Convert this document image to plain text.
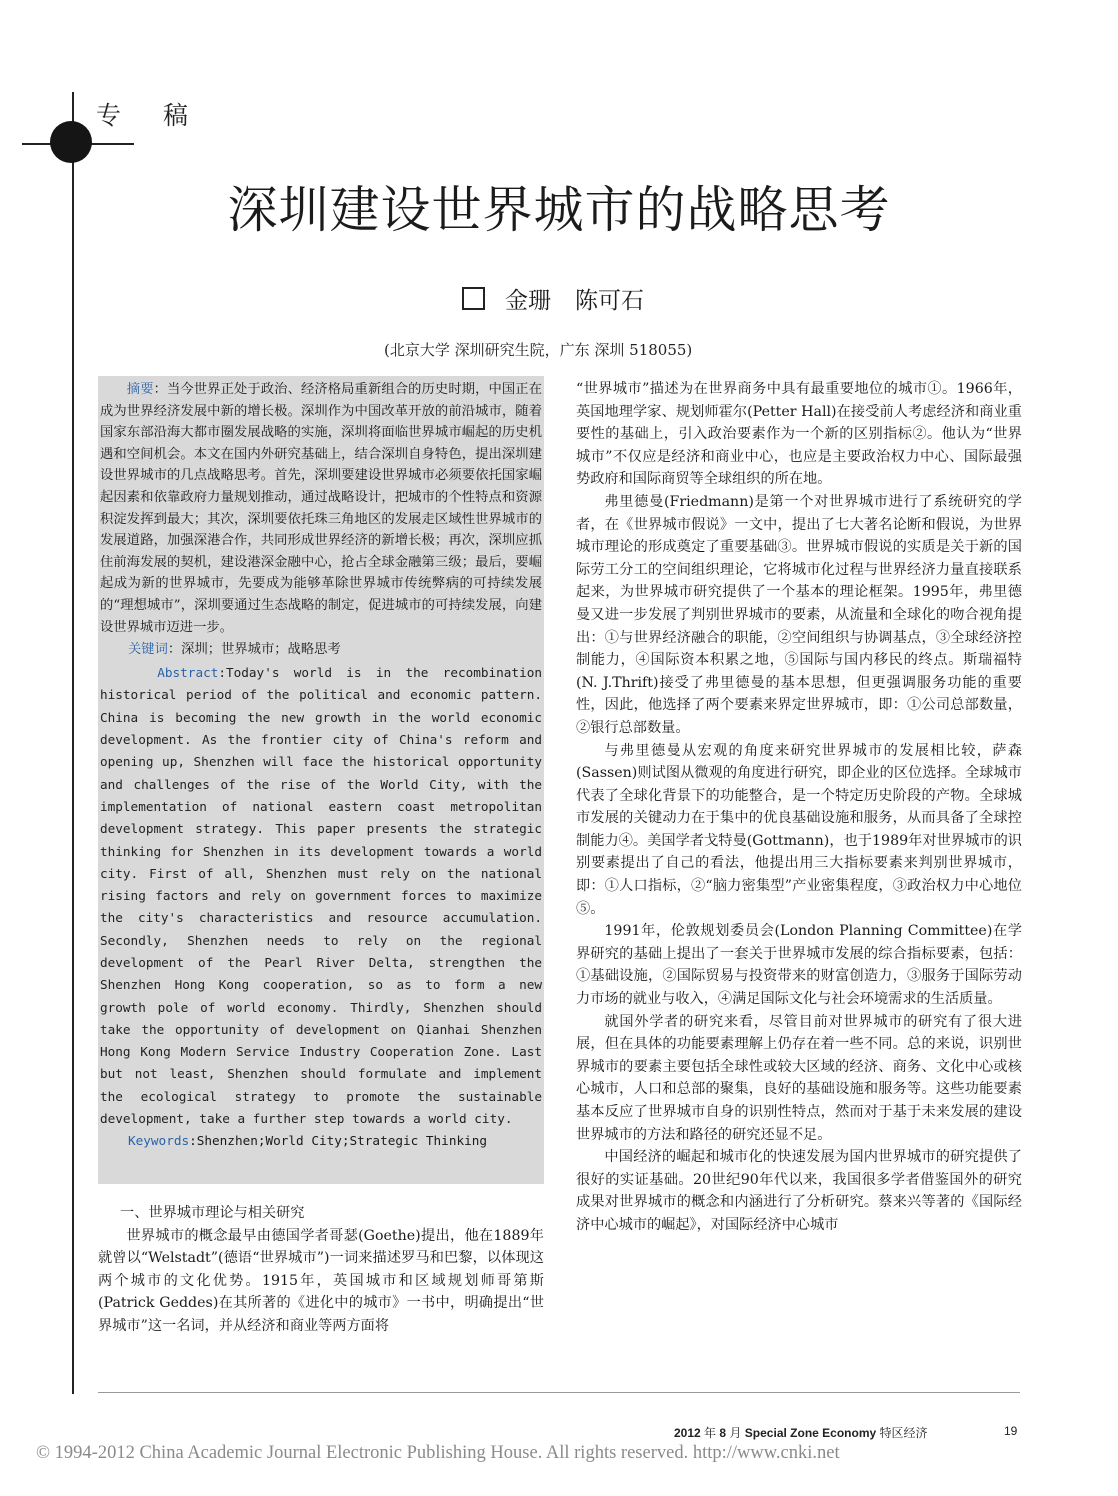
专稿
深圳建设世界城市的战略思考
金珊 陈可石
(北京大学 深圳研究生院，广东 深圳 518055)

　　摘要：当今世界正处于政治、经济格局重新组合的历史时期，中国正在成为世界经济发展中新的增长极。深圳作为中国改革开放的前沿城市，随着国家东部沿海大都市圈发展战略的实施，深圳将面临世界城市崛起的历史机遇和空间机会。本文在国内外研究基础上，结合深圳自身特色，提出深圳建设世界城市的几点战略思考。首先，深圳要建设世界城市必须要依托国家崛起因素和依靠政府力量规划推动，通过战略设计，把城市的个性特点和资源积淀发挥到最大；其次，深圳要依托珠三角地区的发展走区域性世界城市的发展道路，加强深港合作，共同形成世界经济的新增长极；再次，深圳应抓住前海发展的契机，建设港深金融中心，抢占全球金融第三级；最后，要崛起成为新的世界城市，先要成为能够革除世界城市传统弊病的可持续发展的“理想城市”，深圳要通过生态战略的制定，促进城市的可持续发展，向建设世界城市迈进一步。

关键词：深圳；世界城市；战略思考

Abstract:Today's world is in the recombination historical period of the political and economic pattern. China is becoming the new growth in the world economic development. As the frontier city of China's reform and opening up, Shenzhen will face the historical opportunity and challenges of the rise of the World City, with the implementation of national eastern coast metropolitan development strategy. This paper presents the strategic thinking for Shenzhen in its development towards a world city. First of all, Shenzhen must rely on the national rising factors and rely on government forces to maximize the city's characteristics and resource accumulation. Secondly, Shenzhen needs to rely on the regional development of the Pearl River Delta, strengthen the Shenzhen Hong Kong cooperation, so as to form a new growth pole of world economy. Thirdly, Shenzhen should take the opportunity of development on Qianhai Shenzhen Hong Kong Modern Service Industry Cooperation Zone. Last but not least, Shenzhen should formulate and implement the ecological strategy to promote the sustainable development, take a further step towards a world city.

Keywords:Shenzhen;World City;Strategic Thinking

一、世界城市理论与相关研究

世界城市的概念最早由德国学者哥瑟(Goethe)提出，他在1889年就曾以“Welstadt”(德语“世界城市”)一词来描述罗马和巴黎，以体现这两个城市的文化优势。1915年，英国城市和区域规划师哥第斯(Patrick Geddes)在其所著的《进化中的城市》一书中，明确提出“世界城市”这一名词，并从经济和商业等两方面将

“世界城市”描述为在世界商务中具有最重要地位的城市①。1966年，英国地理学家、规划师霍尔(Petter Hall)在接受前人考虑经济和商业重要性的基础上，引入政治要素作为一个新的区别指标②。他认为“世界城市”不仅应是经济和商业中心，也应是主要政治权力中心、国际最强势政府和国际商贸等全球组织的所在地。

弗里德曼(Friedmann)是第一个对世界城市进行了系统研究的学者，在《世界城市假说》一文中，提出了七大著名论断和假说，为世界城市理论的形成奠定了重要基础③。世界城市假说的实质是关于新的国际劳工分工的空间组织理论，它将城市化过程与世界经济力量直接联系起来，为世界城市研究提供了一个基本的理论框架。1995年，弗里德曼又进一步发展了判别世界城市的要素，从流量和全球化的吻合视角提出：①与世界经济融合的职能，②空间组织与协调基点，③全球经济控制能力，④国际资本积累之地，⑤国际与国内移民的终点。斯瑞福特(N. J.Thrift)接受了弗里德曼的基本思想，但更强调服务功能的重要性，因此，他选择了两个要素来界定世界城市，即：①公司总部数量，②银行总部数量。

与弗里德曼从宏观的角度来研究世界城市的发展相比较，萨森(Sassen)则试图从微观的角度进行研究，即企业的区位选择。全球城市代表了全球化背景下的功能整合，是一个特定历史阶段的产物。全球城市发展的关键动力在于集中的优良基础设施和服务，从而具备了全球控制能力④。美国学者戈特曼(Gottmann)，也于1989年对世界城市的识别要素提出了自己的看法，他提出用三大指标要素来判别世界城市，即：①人口指标，②“脑力密集型”产业密集程度，③政治权力中心地位⑤。

1991年，伦敦规划委员会(London Planning Committee)在学界研究的基础上提出了一套关于世界城市发展的综合指标要素，包括：①基础设施，②国际贸易与投资带来的财富创造力，③服务于国际劳动力市场的就业与收入，④满足国际文化与社会环境需求的生活质量。

就国外学者的研究来看，尽管目前对世界城市的研究有了很大进展，但在具体的功能要素理解上仍存在着一些不同。总的来说，识别世界城市的要素主要包括全球性或较大区域的经济、商务、文化中心或核心城市，人口和总部的聚集，良好的基础设施和服务等。这些功能要素基本反应了世界城市自身的识别性特点，然而对于基于未来发展的建设世界城市的方法和路径的研究还显不足。

中国经济的崛起和城市化的快速发展为国内世界城市的研究提供了很好的实证基础。20世纪90年代以来，我国很多学者借鉴国外的研究成果对世界城市的概念和内涵进行了分析研究。蔡来兴等著的《国际经济中心城市的崛起》，对国际经济中心城市

2012 年 8 月 Special Zone Economy 特区经济	19
© 1994-2012 China Academic Journal Electronic Publishing House. All rights reserved. http://www.cnki.net
